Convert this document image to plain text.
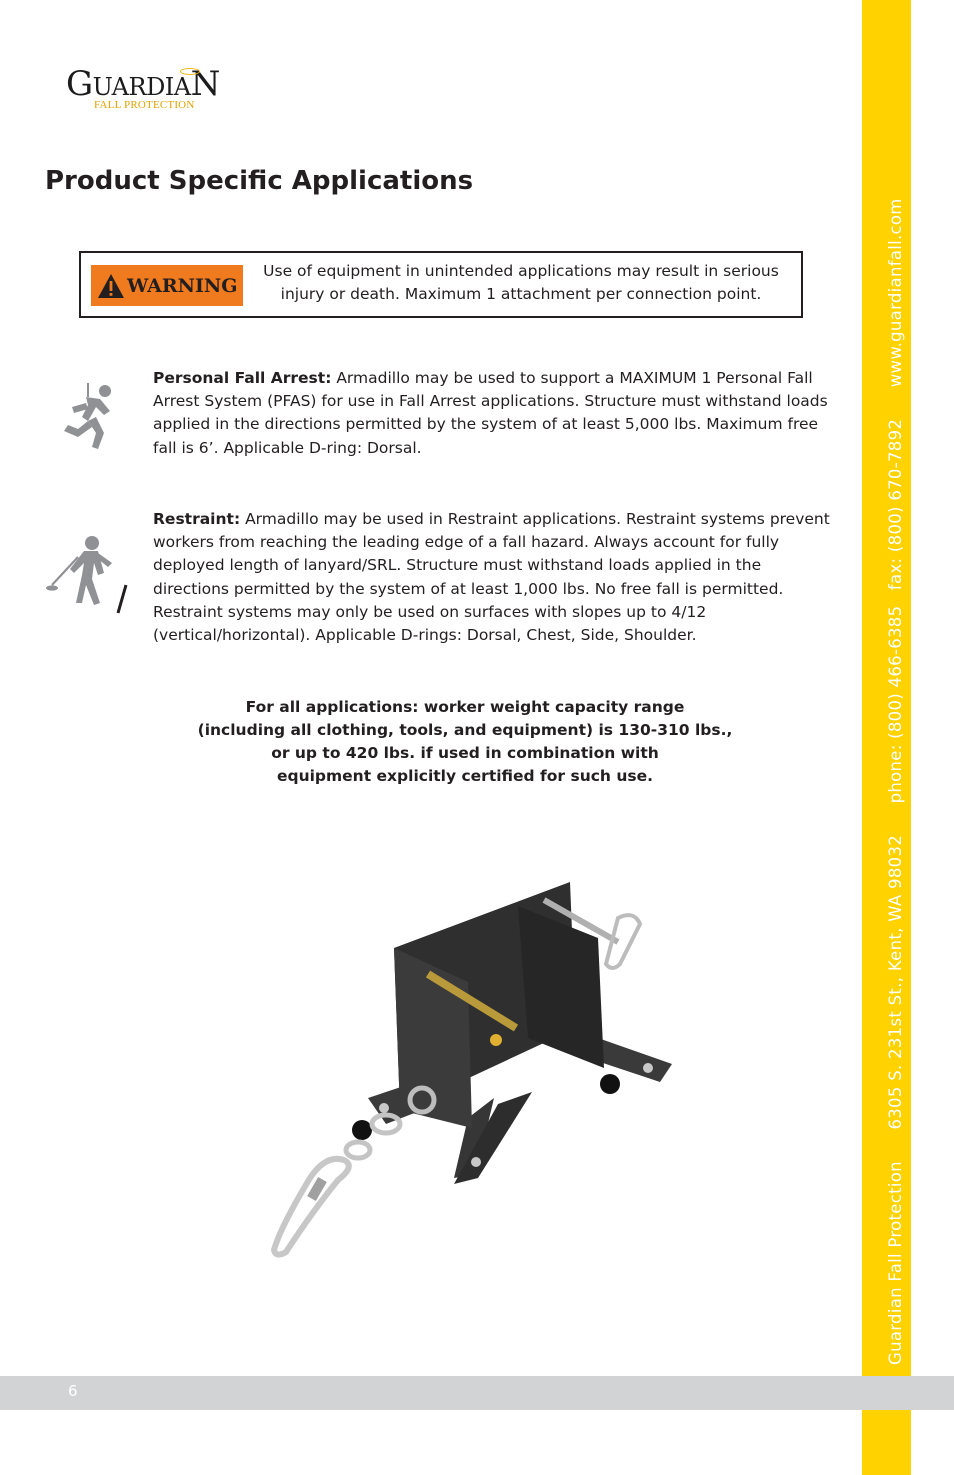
GUARDIAN
FALL PROTECTION
Product Specific Applications
WARNING
Use of equipment in unintended applications may result in serious
injury or death. Maximum 1 attachment per connection point.
Personal Fall Arrest: Armadillo may be used to support a MAXIMUM 1 Personal Fall Arrest System (PFAS) for use in Fall Arrest applications. Structure must withstand loads applied in the directions permitted by the system of at least 5,000 lbs. Maximum free fall is 6’. Applicable D-ring: Dorsal.
Restraint: Armadillo may be used in Restraint applications. Restraint systems prevent workers from reaching the leading edge of a fall hazard. Always account for fully deployed length of lanyard/SRL. Structure must withstand loads applied in the directions permitted by the system of at least 1,000 lbs. No free fall is permitted. Restraint systems may only be used on surfaces with slopes up to 4/12 (vertical/horizontal). Applicable D-rings: Dorsal, Chest, Side, Shoulder.
For all applications: worker weight capacity range
(including all clothing, tools, and equipment) is 130-310 lbs.,
or up to 420 lbs. if used in combination with
equipment explicitly certified for such use.
Guardian Fall Protection 6305 S. 231st St., Kent, WA 98032 phone: (800) 466-6385 fax: (800) 670-7892 www.guardianfall.com
6
